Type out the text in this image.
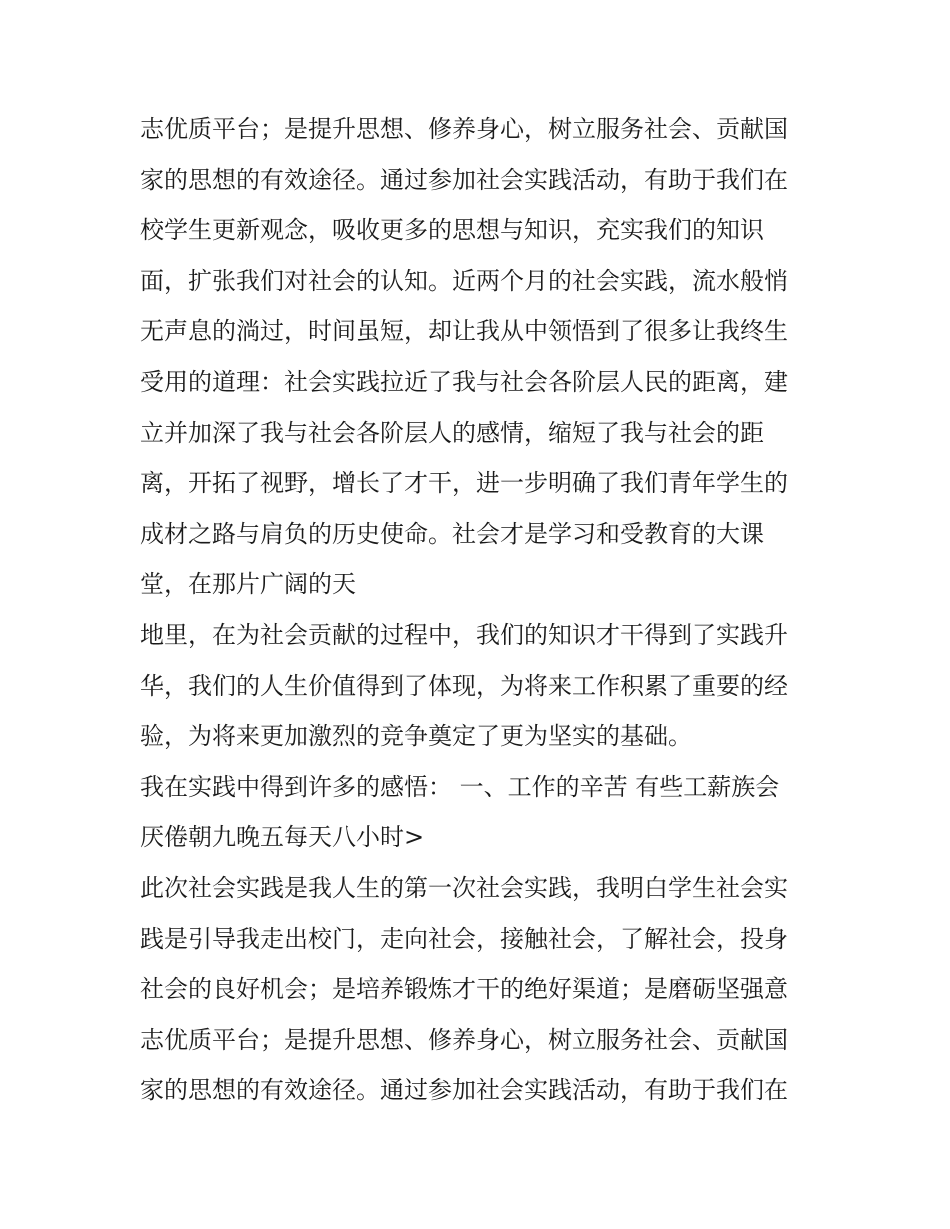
志优质平台；是提升思想、修养身心，树立服务社会、贡献国
家的思想的有效途径。通过参加社会实践活动，有助于我们在
校学生更新观念，吸收更多的思想与知识，充实我们的知识
面，扩张我们对社会的认知。近两个月的社会实践，流水般悄
无声息的淌过，时间虽短，却让我从中领悟到了很多让我终生
受用的道理：社会实践拉近了我与社会各阶层人民的距离，建
立并加深了我与社会各阶层人的感情，缩短了我与社会的距
离，开拓了视野，增长了才干，进一步明确了我们青年学生的
成材之路与肩负的历史使命。社会才是学习和受教育的大课
堂，在那片广阔的天
地里，在为社会贡献的过程中，我们的知识才干得到了实践升
华，我们的人生价值得到了体现，为将来工作积累了重要的经
验，为将来更加激烈的竞争奠定了更为坚实的基础。
我在实践中得到许多的感悟： 一、工作的辛苦 有些工薪族会
厌倦朝九晚五每天八小时>
此次社会实践是我人生的第一次社会实践，我明白学生社会实
践是引导我走出校门，走向社会，接触社会，了解社会，投身
社会的良好机会；是培养锻炼才干的绝好渠道；是磨砺坚强意
志优质平台；是提升思想、修养身心，树立服务社会、贡献国
家的思想的有效途径。通过参加社会实践活动，有助于我们在
